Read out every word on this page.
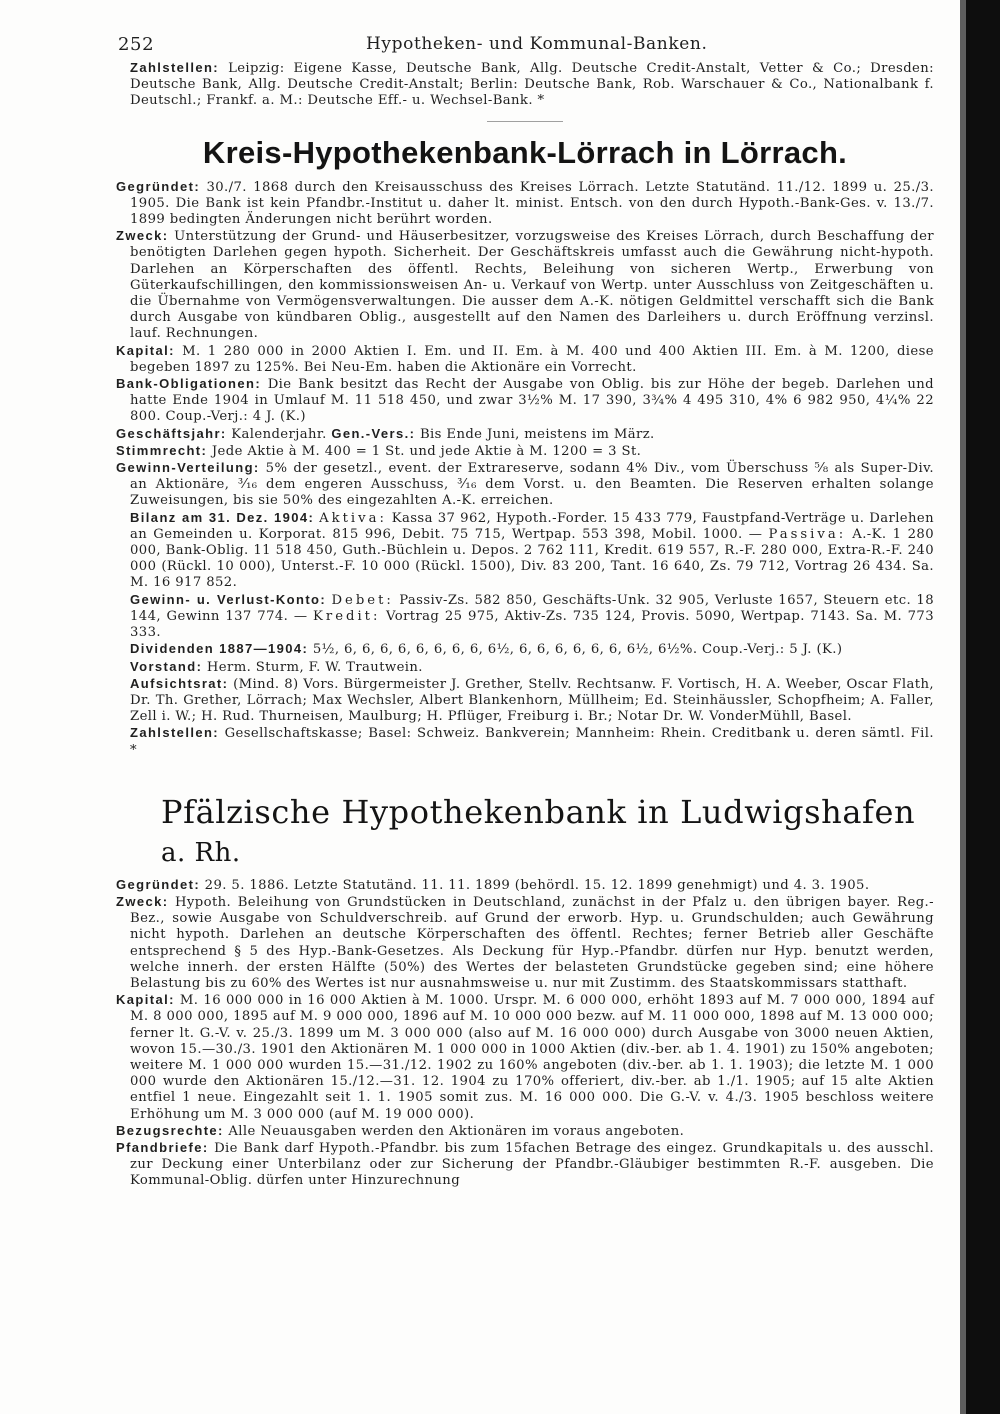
252	Hypotheken- und Kommunal-Banken.

Zahlstellen: Leipzig: Eigene Kasse, Deutsche Bank, Allg. Deutsche Credit-Anstalt, Vetter & Co.; Dresden: Deutsche Bank, Allg. Deutsche Credit-Anstalt; Berlin: Deutsche Bank, Rob. Warschauer & Co., Nationalbank f. Deutschl.; Frankf. a. M.: Deutsche Eff.- u. Wechsel-Bank. *

Kreis-Hypothekenbank-Lörrach in Lörrach.

Gegründet: 30./7. 1868 durch den Kreisausschuss des Kreises Lörrach. Letzte Statutänd. 11./12. 1899 u. 25./3. 1905. Die Bank ist kein Pfandbr.-Institut u. daher lt. minist. Entsch. von den durch Hypoth.-Bank-Ges. v. 13./7. 1899 bedingten Änderungen nicht berührt worden.

Zweck: Unterstützung der Grund- und Häuserbesitzer, vorzugsweise des Kreises Lörrach, durch Beschaffung der benötigten Darlehen gegen hypoth. Sicherheit. Der Geschäftskreis umfasst auch die Gewährung nicht-hypoth. Darlehen an Körperschaften des öffentl. Rechts, Beleihung von sicheren Wertp., Erwerbung von Güterkaufschillingen, den kommissionsweisen An- u. Verkauf von Wertp. unter Ausschluss von Zeitgeschäften u. die Übernahme von Vermögensverwaltungen. Die ausser dem A.-K. nötigen Geldmittel verschafft sich die Bank durch Ausgabe von kündbaren Oblig., ausgestellt auf den Namen des Darleihers u. durch Eröffnung verzinsl. lauf. Rechnungen.

Kapital: M. 1 280 000 in 2000 Aktien I. Em. und II. Em. à M. 400 und 400 Aktien III. Em. à M. 1200, diese begeben 1897 zu 125%. Bei Neu-Em. haben die Aktionäre ein Vorrecht.

Bank-Obligationen: Die Bank besitzt das Recht der Ausgabe von Oblig. bis zur Höhe der begeb. Darlehen und hatte Ende 1904 in Umlauf M. 11 518 450, und zwar 3½% M. 17 390, 3¾% 4 495 310, 4% 6 982 950, 4¼% 22 800. Coup.-Verj.: 4 J. (K.)

Geschäftsjahr: Kalenderjahr. Gen.-Vers.: Bis Ende Juni, meistens im März.

Stimmrecht: Jede Aktie à M. 400 = 1 St. und jede Aktie à M. 1200 = 3 St.

Gewinn-Verteilung: 5% der gesetzl., event. der Extrareserve, sodann 4% Div., vom Überschuss ⁵⁄₈ als Super-Div. an Aktionäre, ³⁄₁₆ dem engeren Ausschuss, ³⁄₁₆ dem Vorst. u. den Beamten. Die Reserven erhalten solange Zuweisungen, bis sie 50% des eingezahlten A.-K. erreichen.

Bilanz am 31. Dez. 1904: Aktiva: Kassa 37 962, Hypoth.-Forder. 15 433 779, Faustpfand-Verträge u. Darlehen an Gemeinden u. Korporat. 815 996, Debit. 75 715, Wertpap. 553 398, Mobil. 1000. — Passiva: A.-K. 1 280 000, Bank-Oblig. 11 518 450, Guth.-Büchlein u. Depos. 2 762 111, Kredit. 619 557, R.-F. 280 000, Extra-R.-F. 240 000 (Rückl. 10 000), Unterst.-F. 10 000 (Rückl. 1500), Div. 83 200, Tant. 16 640, Zs. 79 712, Vortrag 26 434. Sa. M. 16 917 852.

Gewinn- u. Verlust-Konto: Debet: Passiv-Zs. 582 850, Geschäfts-Unk. 32 905, Verluste 1657, Steuern etc. 18 144, Gewinn 137 774. — Kredit: Vortrag 25 975, Aktiv-Zs. 735 124, Provis. 5090, Wertpap. 7143. Sa. M. 773 333.

Dividenden 1887—1904: 5½, 6, 6, 6, 6, 6, 6, 6, 6, 6½, 6, 6, 6, 6, 6, 6, 6½, 6½%. Coup.-Verj.: 5 J. (K.)

Vorstand: Herm. Sturm, F. W. Trautwein.

Aufsichtsrat: (Mind. 8) Vors. Bürgermeister J. Grether, Stellv. Rechtsanw. F. Vortisch, H. A. Weeber, Oscar Flath, Dr. Th. Grether, Lörrach; Max Wechsler, Albert Blankenhorn, Müllheim; Ed. Steinhäussler, Schopfheim; A. Faller, Zell i. W.; H. Rud. Thurneisen, Maulburg; H. Pflüger, Freiburg i. Br.; Notar Dr. W. VonderMühll, Basel.

Zahlstellen: Gesellschaftskasse; Basel: Schweiz. Bankverein; Mannheim: Rhein. Creditbank u. deren sämtl. Fil. *

Pfälzische Hypothekenbank in Ludwigshafen a. Rh.

Gegründet: 29. 5. 1886. Letzte Statutänd. 11. 11. 1899 (behördl. 15. 12. 1899 genehmigt) und 4. 3. 1905.

Zweck: Hypoth. Beleihung von Grundstücken in Deutschland, zunächst in der Pfalz u. den übrigen bayer. Reg.-Bez., sowie Ausgabe von Schuldverschreib. auf Grund der erworb. Hyp. u. Grundschulden; auch Gewährung nicht hypoth. Darlehen an deutsche Körperschaften des öffentl. Rechtes; ferner Betrieb aller Geschäfte entsprechend § 5 des Hyp.-Bank-Gesetzes. Als Deckung für Hyp.-Pfandbr. dürfen nur Hyp. benutzt werden, welche innerh. der ersten Hälfte (50%) des Wertes der belasteten Grundstücke gegeben sind; eine höhere Belastung bis zu 60% des Wertes ist nur ausnahmsweise u. nur mit Zustimm. des Staatskommissars statthaft.

Kapital: M. 16 000 000 in 16 000 Aktien à M. 1000. Urspr. M. 6 000 000, erhöht 1893 auf M. 7 000 000, 1894 auf M. 8 000 000, 1895 auf M. 9 000 000, 1896 auf M. 10 000 000 bezw. auf M. 11 000 000, 1898 auf M. 13 000 000; ferner lt. G.-V. v. 25./3. 1899 um M. 3 000 000 (also auf M. 16 000 000) durch Ausgabe von 3000 neuen Aktien, wovon 15.—30./3. 1901 den Aktionären M. 1 000 000 in 1000 Aktien (div.-ber. ab 1. 4. 1901) zu 150% angeboten; weitere M. 1 000 000 wurden 15.—31./12. 1902 zu 160% angeboten (div.-ber. ab 1. 1. 1903); die letzte M. 1 000 000 wurde den Aktionären 15./12.—31. 12. 1904 zu 170% offeriert, div.-ber. ab 1./1. 1905; auf 15 alte Aktien entfiel 1 neue. Eingezahlt seit 1. 1. 1905 somit zus. M. 16 000 000. Die G.-V. v. 4./3. 1905 beschloss weitere Erhöhung um M. 3 000 000 (auf M. 19 000 000).

Bezugsrechte: Alle Neuausgaben werden den Aktionären im voraus angeboten.

Pfandbriefe: Die Bank darf Hypoth.-Pfandbr. bis zum 15fachen Betrage des eingez. Grundkapitals u. des ausschl. zur Deckung einer Unterbilanz oder zur Sicherung der Pfandbr.-Gläubiger bestimmten R.-F. ausgeben. Die Kommunal-Oblig. dürfen unter Hinzurechnung
